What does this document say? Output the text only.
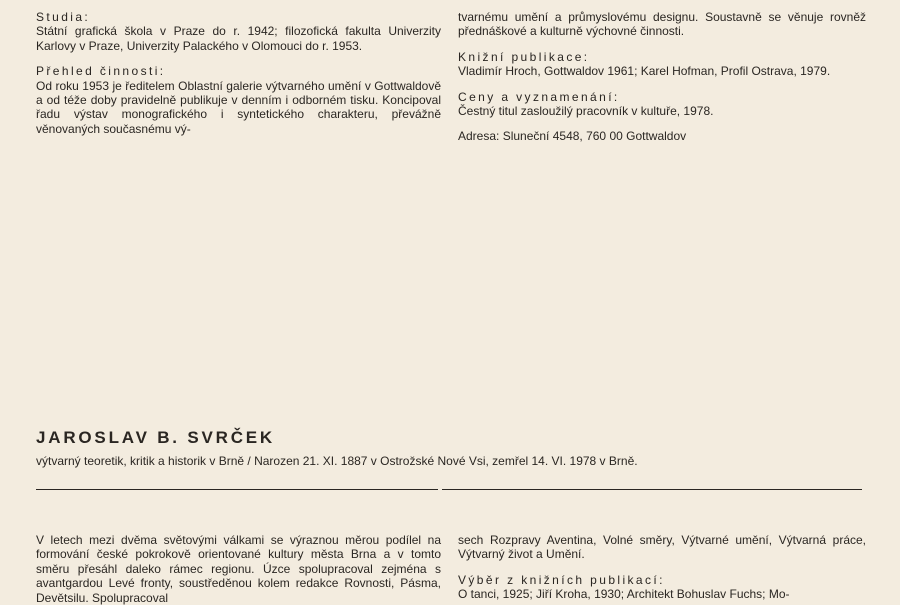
Studia:

Státní grafická škola v Praze do r. 1942; filozofická fakulta Univerzity Karlovy v Praze, Univerzity Palackého v Olomouci do r. 1953.

Přehled činnosti:

Od roku 1953 je ředitelem Oblastní galerie výtvarného umění v Gottwaldově a od téže doby pravidelně publikuje v denním i odborném tisku. Koncipoval řadu výstav monografického i syntetického charakteru, převážně věnovaných současnému vý-

tvarnému umění a průmyslovému designu. Soustavně se věnuje rovněž přednáškové a kulturně výchovné činnosti.

Knižní publikace:

Vladimír Hroch, Gottwaldov 1961; Karel Hofman, Profil Ostrava, 1979.

Ceny a vyznamenání:

Čestný titul zasloužilý pracovník v kultuře, 1978.

Adresa: Sluneční 4548, 760 00 Gottwaldov

JAROSLAV B. SVRČEK
výtvarný teoretik, kritik a historik v Brně / Narozen 21. XI. 1887 v Ostrožské Nové Vsi, zemřel 14. VI. 1978 v Brně.

V letech mezi dvěma světovými válkami se výraznou měrou podílel na formování české pokrokově orientované kultury města Brna a v tomto směru přesáhl daleko rámec regionu. Úzce spolupracoval zejména s avantgardou Levé fronty, soustředěnou kolem redakce Rovnosti, Pásma, Devětsilu. Spolupracoval

sech Rozpravy Aventina, Volné směry, Výtvarné umění, Výtvarná práce, Výtvarný život a Umění.

Výběr z knižních publikací:

O tanci, 1925; Jiří Kroha, 1930; Architekt Bohuslav Fuchs; Mo-
